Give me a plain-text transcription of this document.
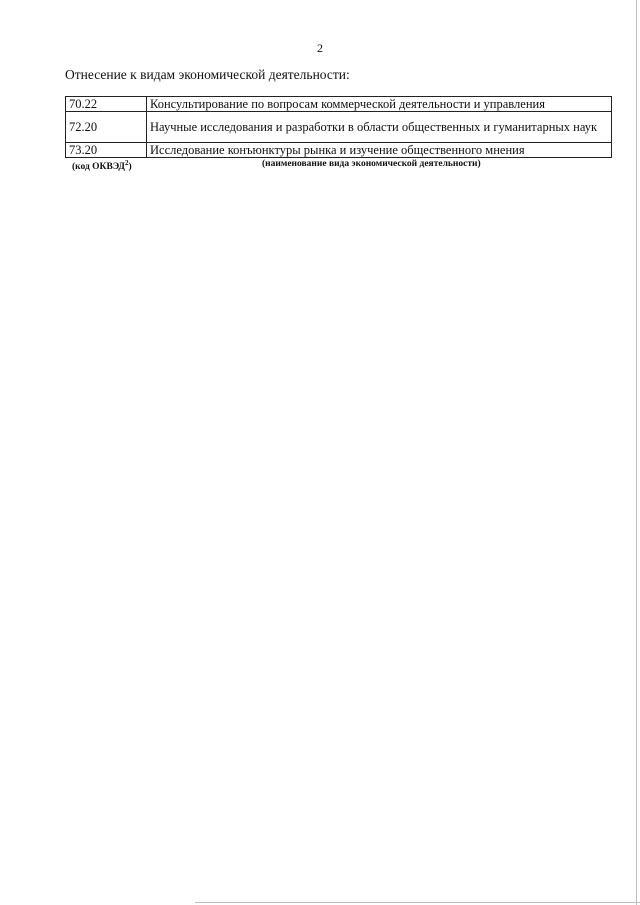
2
Отнесение к видам экономической деятельности:
70.22	Консультирование по вопросам коммерческой деятельности и управления
72.20	Научные исследования и разработки в области общественных и гуманитарных наук
73.20	Исследование конъюнктуры рынка и изучение общественного мнения
(код ОКВЭД$^2$)	(наименование вида экономической деятельности)
